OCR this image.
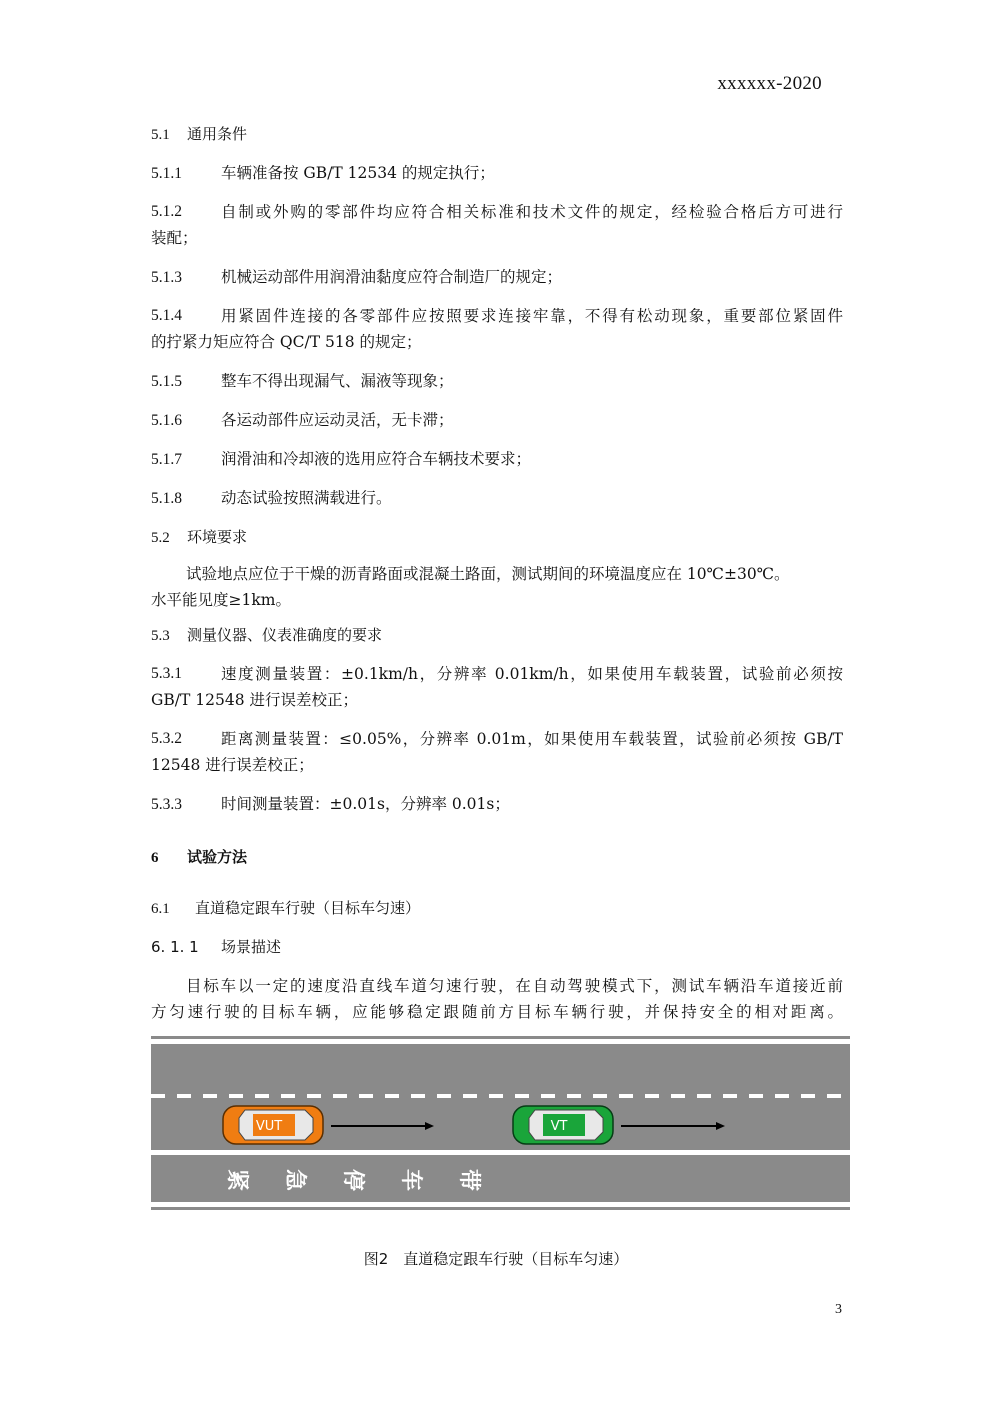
xxxxxx-2020
5.1 通用条件
5.1.1	车辆准备按 GB/T 12534 的规定执行；
5.1.2	自制或外购的零部件均应符合相关标准和技术文件的规定，经检验合格后方可进行
装配；
5.1.3	机械运动部件用润滑油黏度应符合制造厂的规定；
5.1.4	用紧固件连接的各零部件应按照要求连接牢靠，不得有松动现象，重要部位紧固件
的拧紧力矩应符合 QC/T 518 的规定；
5.1.5	整车不得出现漏气、漏液等现象；
5.1.6	各运动部件应运动灵活，无卡滞；
5.1.7	润滑油和冷却液的选用应符合车辆技术要求；
5.1.8	动态试验按照满载进行。
5.2 环境要求
试验地点应位于干燥的沥青路面或混凝土路面，测试期间的环境温度应在 10℃±30℃。
水平能见度≥1km。
5.3 测量仪器、仪表准确度的要求
5.3.1	速度测量装置：±0.1km/h，分辨率 0.01km/h，如果使用车载装置，试验前必须按
GB/T 12548 进行误差校正；
5.3.2	距离测量装置：≤0.05%，分辨率 0.01m，如果使用车载装置，试验前必须按 GB/T
12548 进行误差校正；
5.3.3	时间测量装置：±0.01s，分辨率 0.01s；
6 试验方法
6.1 直道稳定跟车行驶（目标车匀速）
6. 1. 1 场景描述
目标车以一定的速度沿直线车道匀速行驶，在自动驾驶模式下，测试车辆沿车道接近前
方匀速行驶的目标车辆，应能够稳定跟随前方目标车辆行驶，并保持安全的相对距离。
紧 急 停 车 带
VUT	VT
图2　直道稳定跟车行驶（目标车匀速）
3
